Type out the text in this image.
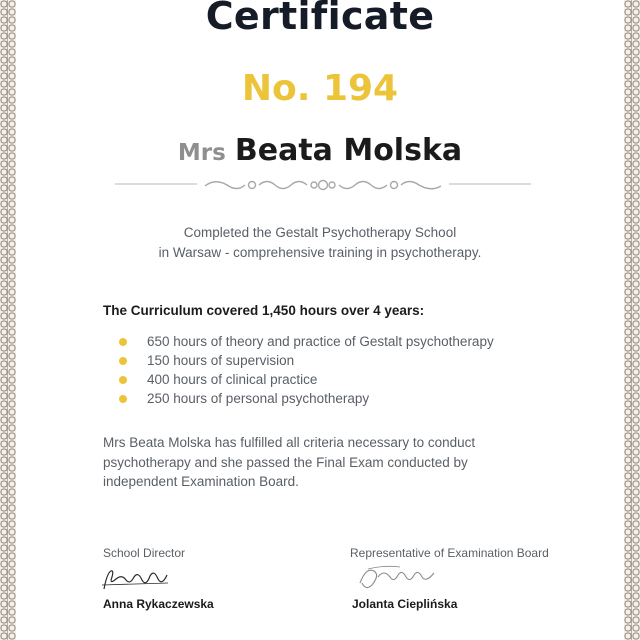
Certificate
No. 194
Mrs Beata Molska
Completed the Gestalt Psychotherapy School
in Warsaw - comprehensive training in psychotherapy.
The Curriculum covered 1,450 hours over 4 years:
650 hours of theory and practice of Gestalt psychotherapy
150 hours of supervision
400 hours of clinical practice
250 hours of personal psychotherapy
Mrs Beata Molska has fulfilled all criteria necessary to conduct
psychotherapy and she passed the Final Exam conducted by
independent Examination Board.
School Director
Anna Rykaczewska
Representative of Examination Board
Jolanta Cieplińska
